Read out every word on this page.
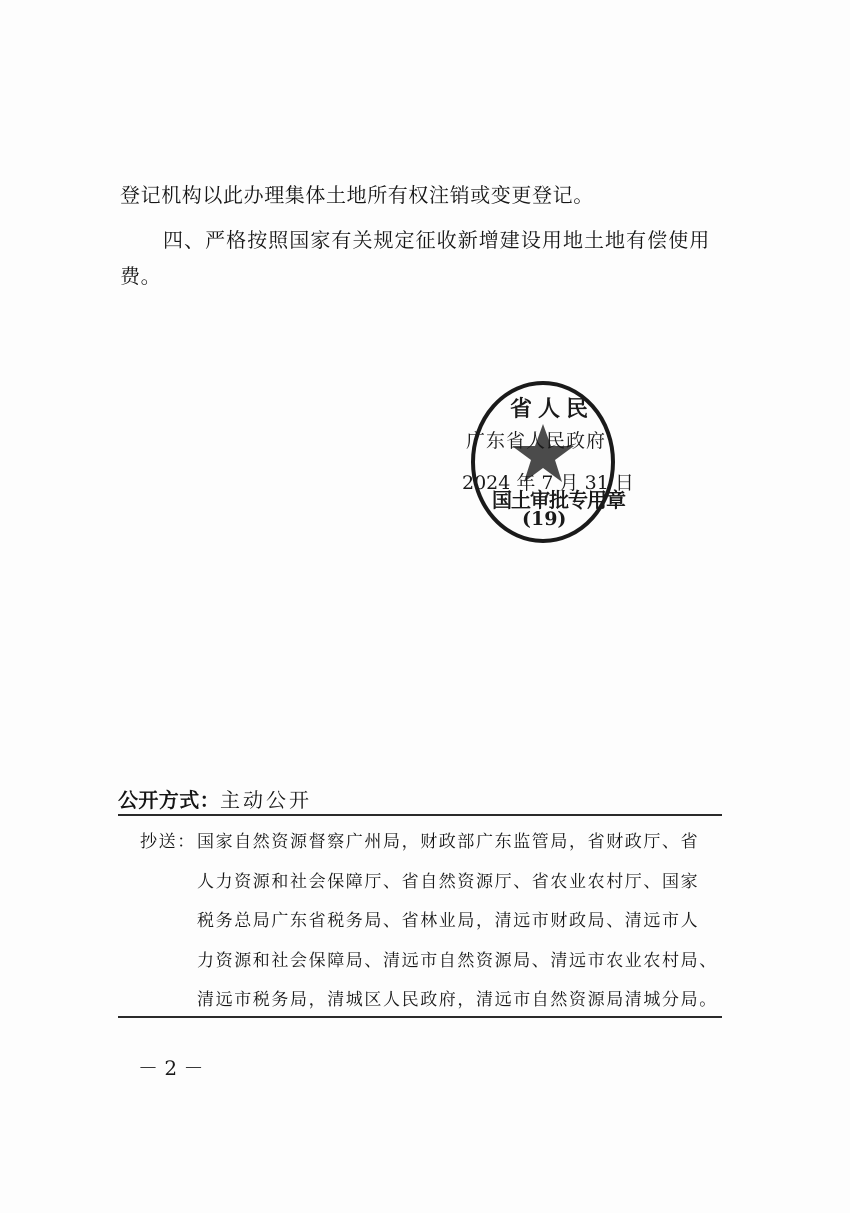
登记机构以此办理集体土地所有权注销或变更登记。
四、严格按照国家有关规定征收新增建设用地土地有偿使用
费。
省人民
广东省人民政府
2024 年 7 月 31 日
国土审批专用章
(19)
公开方式：主动公开
抄送： 国家自然资源督察广州局，财政部广东监管局，省财政厅、省
人力资源和社会保障厅、省自然资源厅、省农业农村厅、国家
税务总局广东省税务局、省林业局，清远市财政局、清远市人
力资源和社会保障局、清远市自然资源局、清远市农业农村局、
清远市税务局，清城区人民政府，清远市自然资源局清城分局。
－ 2 －
